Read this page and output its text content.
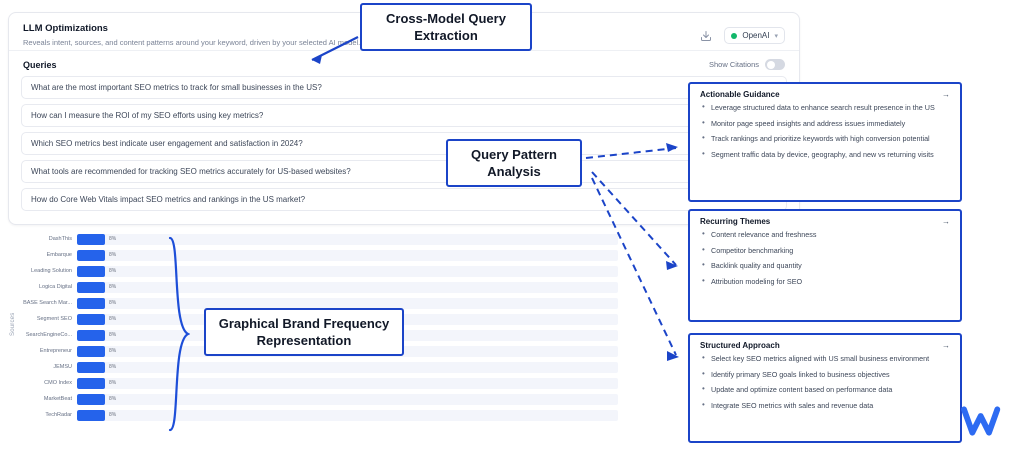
LLM Optimizations
Reveals intent, sources, and content patterns around your keyword, driven by your selected AI model.
OpenAI ▾
Queries	Show Citations
What are the most important SEO metrics to track for small businesses in the US?
How can I measure the ROI of my SEO efforts using key metrics?
Which SEO metrics best indicate user engagement and satisfaction in 2024?
What tools are recommended for tracking SEO metrics accurately for US-based websites?
How do Core Web Vitals impact SEO metrics and rankings in the US market?
Sources
DashThis	8%
Embarque	8%
Leading Solution	8%
Logica Digital	8%
BASE Search Mar...	8%
Segment SEO	8%
SearchEngineCo...	8%
Entrepreneur	8%
JEMSU	8%
CMO Index	8%
MarketBeat	8%
TechRadar	8%
Actionable Guidance	→
• Leverage structured data to enhance search result presence in the US
• Monitor page speed insights and address issues immediately
• Track rankings and prioritize keywords with high conversion potential
• Segment traffic data by device, geography, and new vs returning visits
Recurring Themes	→
• Content relevance and freshness
• Competitor benchmarking
• Backlink quality and quantity
• Attribution modeling for SEO
Structured Approach	→
• Select key SEO metrics aligned with US small business environment
• Identify primary SEO goals linked to business objectives
• Update and optimize content based on performance data
• Integrate SEO metrics with sales and revenue data
Cross-Model Query Extraction
Query Pattern Analysis
Graphical Brand Frequency Representation
